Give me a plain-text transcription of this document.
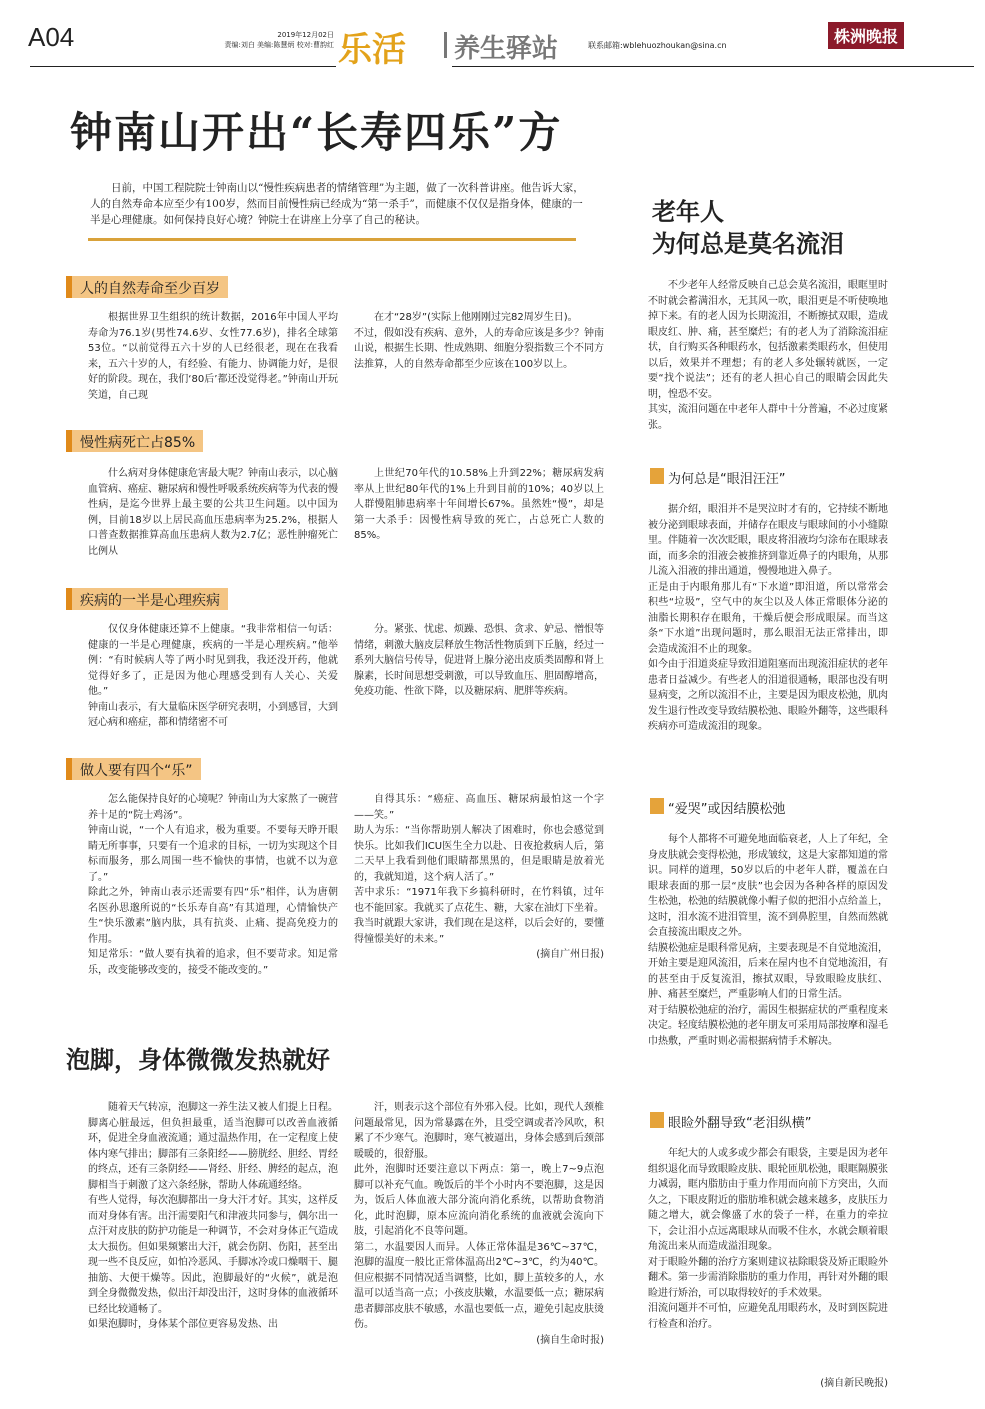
A04	2019年12月02日
责编:刘白 美编:陈慧炳 校对:曹韵红 乐活 养生驿站	联系邮箱:wblehuozhoukan@sina.cn	株洲晚报
钟南山开出“长寿四乐”方
日前，中国工程院院士钟南山以“慢性疾病患者的情绪管理”为主题，做了一次科普讲座。他告诉大家，人的自然寿命本应至少有100岁，然而目前慢性病已经成为“第一杀手”，而健康不仅仅是指身体，健康的一半是心理健康。如何保持良好心境？钟院士在讲座上分享了自己的秘诀。
人的自然寿命至少百岁

根据世界卫生组织的统计数据，2016年中国人平均寿命为76.1岁(男性74.6岁、女性77.6岁)，排名全球第53位。“以前觉得五六十岁的人已经很老，现在在我看来，五六十岁的人，有经验、有能力、协调能力好，是很好的阶段。现在，我们‘80后’都还没觉得老。”钟南山开玩笑道，自己现

在才“28岁”(实际上他刚刚过完82周岁生日)。
不过，假如没有疾病、意外，人的寿命应该是多少？钟南山说，根据生长期、性成熟期、细胞分裂指数三个不同方法推算，人的自然寿命都至少应该在100岁以上。

慢性病死亡占85%

什么病对身体健康危害最大呢？钟南山表示，以心脑血管病、癌症、糖尿病和慢性呼吸系统疾病等为代表的慢性病，是迄今世界上最主要的公共卫生问题。以中国为例，目前18岁以上居民高血压患病率为25.2%，根据人口普查数据推算高血压患病人数为2.7亿；恶性肿瘤死亡比例从

上世纪70年代的10.58%上升到22%；糖尿病发病率从上世纪80年代的1%上升到目前的10%；40岁以上人群慢阻肺患病率十年间增长67%。虽然姓“慢”，却是第一大杀手：因慢性病导致的死亡，占总死亡人数的85%。

疾病的一半是心理疾病

仅仅身体健康还算不上健康。“我非常相信一句话：健康的一半是心理健康，疾病的一半是心理疾病。”他举例：“有时候病人等了两小时见到我，我还没开药，他就觉得好多了，正是因为他心理感受到有人关心、关爱他。”
钟南山表示，有大量临床医学研究表明，小到感冒，大到冠心病和癌症，都和情绪密不可

分。紧张、忧虑、烦躁、恐惧、贪求、妒忌、憎恨等情绪，刺激大脑皮层释放生物活性物质到下丘脑，经过一系列大脑信号传导，促进肾上腺分泌出皮质类固醇和肾上腺素，长时间思想受刺激，可以导致血压、胆固醇增高，免疫功能、性欲下降，以及糖尿病、肥胖等疾病。

做人要有四个“乐”

怎么能保持良好的心境呢？钟南山为大家熬了一碗营养十足的“院士鸡汤”。
钟南山说，“一个人有追求，极为重要。不要每天睁开眼睛无所事事，只要有一个追求的目标，一切为实现这个目标而服务，那么周围一些不愉快的事情，也就不以为意了。”
除此之外，钟南山表示还需要有四“乐”相伴，认为唐朝名医孙思邈所说的“长乐寿自高”有其道理，心情愉快产生“快乐激素”脑内肽，具有抗炎、止痛、提高免疫力的作用。
知足常乐：“做人要有执着的追求，但不要苛求。知足常乐，改变能够改变的，接受不能改变的。”

自得其乐：“癌症、高血压、糖尿病最怕这一个字——笑。”
助人为乐：“当你帮助别人解决了困难时，你也会感觉到快乐。比如我们ICU医生全力以赴、日夜抢救病人后，第二天早上我看到他们眼睛都黑黑的，但是眼睛是放着光的，我就知道，这个病人活了。”
苦中求乐：“1971年我下乡搞科研时，在竹料镇，过年也不能回家。我就买了点花生、糖，大家在油灯下坐着。我当时就跟大家讲，我们现在是这样，以后会好的，要懂得憧憬美好的未来。”

(摘自广州日报)

泡脚，身体微微发热就好

随着天气转凉，泡脚这一养生法又被人们提上日程。脚离心脏最远，但负担最重，适当泡脚可以改善血液循环，促进全身血液流通；通过温热作用，在一定程度上使体内寒气排出；脚部有三条阳经——膀胱经、胆经、胃经的终点，还有三条阴经——肾经、肝经、脾经的起点，泡脚相当于刺激了这六条经脉，帮助人体疏通经络。
有些人觉得，每次泡脚都出一身大汗才好。其实，这样反而对身体有害。出汗需要阳气和津液共同参与，偶尔出一点汗对皮肤的防护功能是一种调节，不会对身体正气造成太大损伤。但如果频繁出大汗，就会伤阴、伤阳，甚至出现一些不良反应，如怕冷恶风、手脚冰冷或口燥咽干、腿抽筋、大便干燥等。因此，泡脚最好的“火候”，就是泡到全身微微发热，似出汗却没出汗，这时身体的血液循环已经比较通畅了。
如果泡脚时，身体某个部位更容易发热、出

汗，则表示这个部位有外邪入侵。比如，现代人颈椎问题最常见，因为常暴露在外，且受空调或者冷风吹，积累了不少寒气。泡脚时，寒气被逼出，身体会感到后颈部暖暖的，很舒服。
此外，泡脚时还要注意以下两点：第一，晚上7~9点泡脚可以补充气血。晚饭后的半个小时内不要泡脚，这是因为，饭后人体血液大部分流向消化系统，以帮助食物消化，此时泡脚，原本应流向消化系统的血液就会流向下肢，引起消化不良等问题。
第二，水温要因人而异。人体正常体温是36℃~37℃，泡脚的温度一般比正常体温高出2℃~3℃，约为40℃。但应根据不同情况适当调整，比如，脚上茧较多的人，水温可以适当高一点；小孩皮肤嫩，水温要低一点；糖尿病患者脚部皮肤不敏感，水温也要低一点，避免引起皮肤烫伤。

(摘自生命时报)

老年人
为何总是莫名流泪

不少老年人经常反映自己总会莫名流泪，眼眶里时不时就会蓄满泪水，无其风一吹，眼泪更是不听使唤地掉下来。有的老人因为长期流泪，不断擦拭双眼，造成眼皮红、肿、痛，甚至糜烂；有的老人为了消除流泪症状，自行购买各种眼药水，包括激素类眼药水，但使用以后，效果并不理想；有的老人多处辗转就医，一定要“找个说法”；还有的老人担心自己的眼睛会因此失明，惶恐不安。
其实，流泪问题在中老年人群中十分普遍，不必过度紧张。

为何总是“眼泪汪汪”

据介绍，眼泪并不是哭泣时才有的，它持续不断地被分泌到眼球表面，并储存在眼皮与眼球间的小小缝隙里。伴随着一次次眨眼，眼皮将泪液均匀涂布在眼球表面，而多余的泪液会被推挤到靠近鼻子的内眼角，从那儿流入泪液的排出通道，慢慢地进入鼻子。
正是由于内眼角那儿有“下水道”即泪道，所以常常会积些“垃圾”，空气中的灰尘以及人体正常眼体分泌的油脂长期积存在眼角，干燥后便会形成眼屎。而当这条“下水道”出现问题时，那么眼泪无法正常排出，即会造成流泪不止的现象。
如今由于泪道炎症导致泪道阻塞而出现流泪症状的老年患者日益减少。有些老人的泪道很通畅，眼部也没有明显病变，之所以流泪不止，主要是因为眼皮松弛，肌肉发生退行性改变导致结膜松弛、眼睑外翻等，这些眼科疾病亦可造成流泪的现象。

“爱哭”或因结膜松弛

每个人都将不可避免地面临衰老，人上了年纪，全身皮肤就会变得松弛，形成皱纹，这是大家都知道的常识。同样的道理，50岁以后的中老年人群，覆盖在白眼球表面的那一层“皮肤”也会因为各种各样的原因发生松弛，松弛的结膜就像小帽子似的把泪小点给盖上，这时，泪水流不进泪管里，流不到鼻腔里，自然而然就会直接流出眼皮之外。
结膜松弛症是眼科常见病，主要表现是不自觉地流泪，开始主要是迎风流泪，后来在屋内也不自觉地流泪，有的甚至由于反复流泪，擦拭双眼，导致眼睑皮肤红、肿、痛甚至糜烂，严重影响人们的日常生活。
对于结膜松弛症的治疗，需因生根据症状的严重程度来决定。轻度结膜松弛的老年朋友可采用局部按摩和湿毛巾热敷，严重时则必需根据病情手术解决。

眼睑外翻导致“老泪纵横”

年纪大的人或多或少都会有眼袋，主要是因为老年组织退化而导致眼睑皮肤、眼轮匝肌松弛，眼眶隔膜张力减弱，眶内脂肪由于重力作用而向前下方突出，久而久之，下眼皮附近的脂肪堆积就会越来越多，皮肤压力随之增大，就会像盛了水的袋子一样，在重力的牵拉下，会让泪小点远离眼球从而吸不住水，水就会顺着眼角流出来从而造成溢泪现象。
对于眼睑外翻的治疗方案则建议祛除眼袋及矫正眼睑外翻术。第一步需消除脂肪的重力作用，再针对外翻的眼睑进行矫治，可以取得较好的手术效果。
泪流问题并不可怕，应避免乱用眼药水，及时到医院进行检查和治疗。

(摘自新民晚报)
